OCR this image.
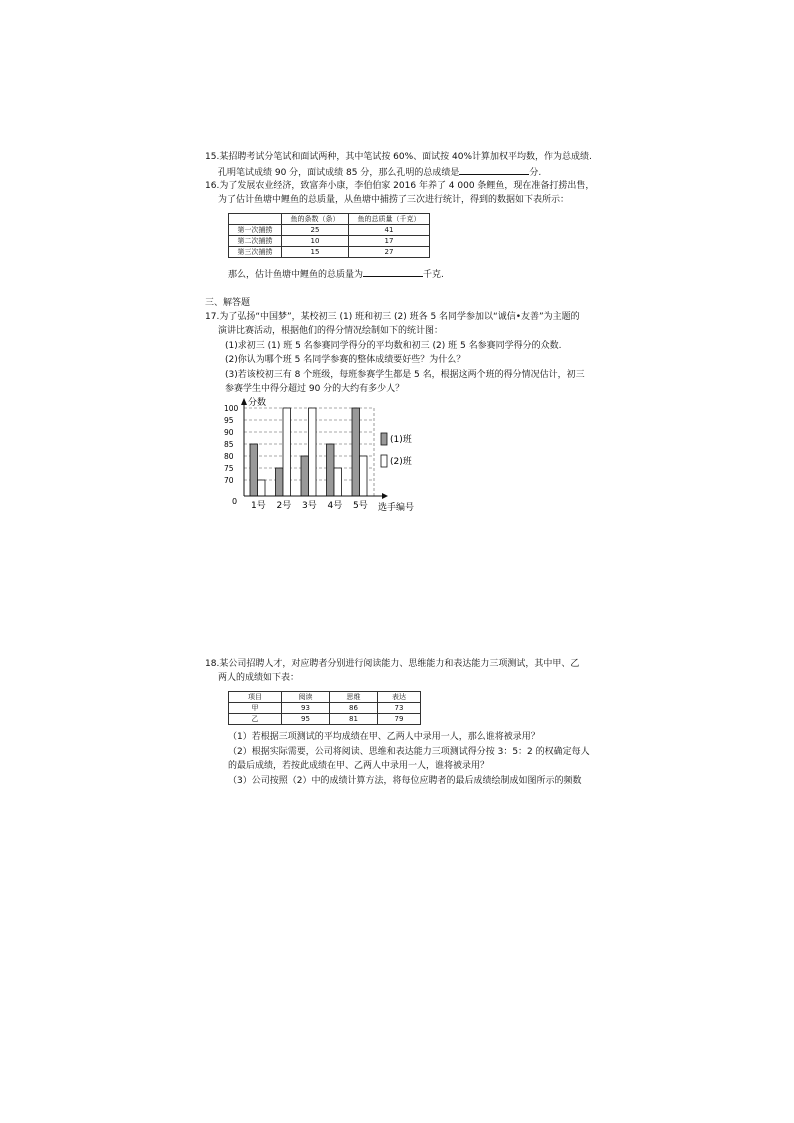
15.某招聘考试分笔试和面试两种，其中笔试按 60%、面试按 40%计算加权平均数，作为总成绩.
孔明笔试成绩 90 分，面试成绩 85 分，那么孔明的总成绩是	分.
16.为了发展农业经济，致富奔小康，李伯伯家 2016 年养了 4 000 条鲤鱼，现在准备打捞出售，
为了估计鱼塘中鲤鱼的总质量，从鱼塘中捕捞了三次进行统计，得到的数据如下表所示：
	鱼的条数（条）	鱼的总质量（千克）
第一次捕捞	25	41
第二次捕捞	10	17
第三次捕捞	15	27
那么，估计鱼塘中鲤鱼的总质量为	千克.
三、解答题
17.为了弘扬“中国梦”，某校初三 (1) 班和初三 (2) 班各 5 名同学参加以“诚信•友善”为主题的
演讲比赛活动，根据他们的得分情况绘制如下的统计图：
(1)求初三 (1) 班 5 名参赛同学得分的平均数和初三 (2) 班 5 名参赛同学得分的众数.
(2)你认为哪个班 5 名同学参赛的整体成绩要好些？为什么？
(3)若该校初三有 8 个班级，每班参赛学生都是 5 名，根据这两个班的得分情况估计，初三
参赛学生中得分超过 90 分的大约有多少人？
分数
选手编号
0
70
75
80
85
90
95
100
1号 2号 3号 4号 5号
(1)班
(2)班
18.某公司招聘人才，对应聘者分别进行阅读能力、思维能力和表达能力三项测试，其中甲、乙
两人的成绩如下表：
项目	阅读	思维	表达
甲	93	86	73
乙	95	81	79
（1）若根据三项测试的平均成绩在甲、乙两人中录用一人，那么谁将被录用？
（2）根据实际需要，公司将阅读、思维和表达能力三项测试得分按 3：5：2 的权确定每人
的最后成绩，若按此成绩在甲、乙两人中录用一人，谁将被录用？
（3）公司按照（2）中的成绩计算方法，将每位应聘者的最后成绩绘制成如图所示的频数
